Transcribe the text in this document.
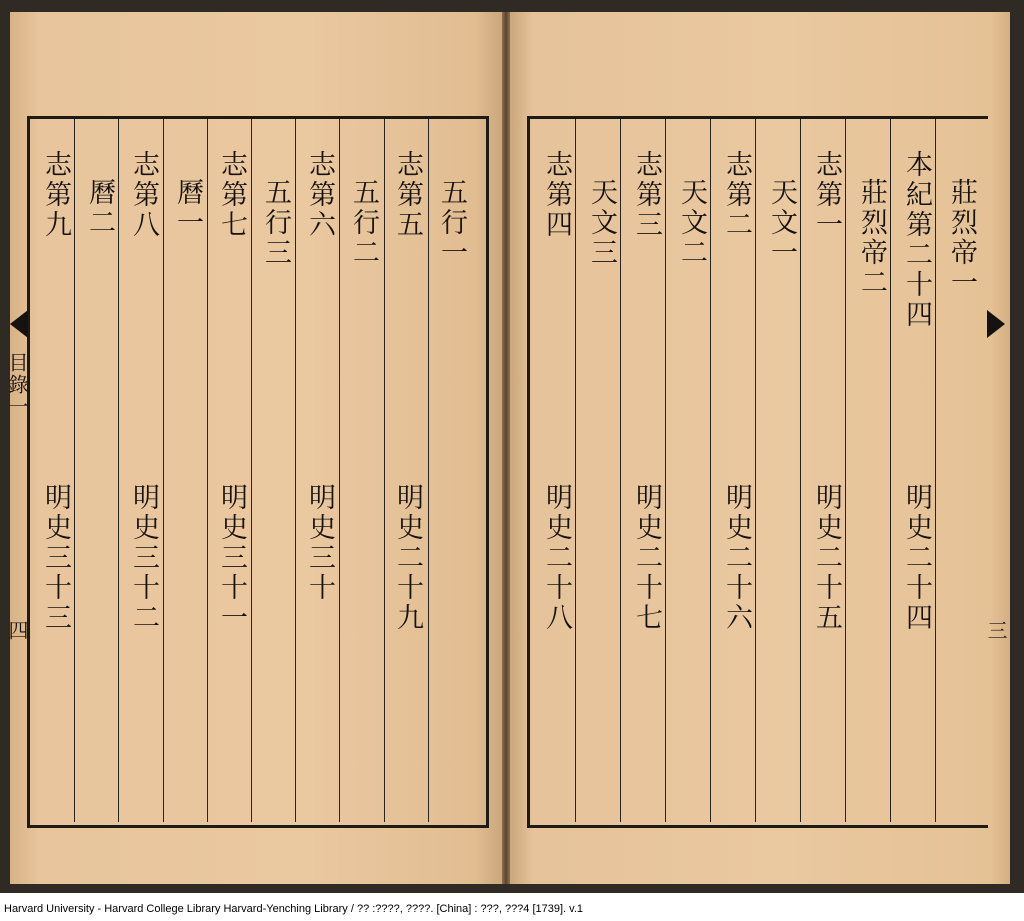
志第九
明史三十三
曆二 志第八
明史三十二
曆一 志第七
明史三十一
五行三 志第六
明史三十
五行二 志第五
明史二十九
五行一	志第四
明史二十八
天文三 志第三
明史二十七
天文二 志第二
明史二十六
天文一 志第一
明史二十五
莊烈帝二 本紀第二十四
明史二十四
莊烈帝一
目錄一
四	三
Harvard University - Harvard College Library Harvard-Yenching Library / ?? :????, ????. [China] : ???, ???4 [1739]. v.1
